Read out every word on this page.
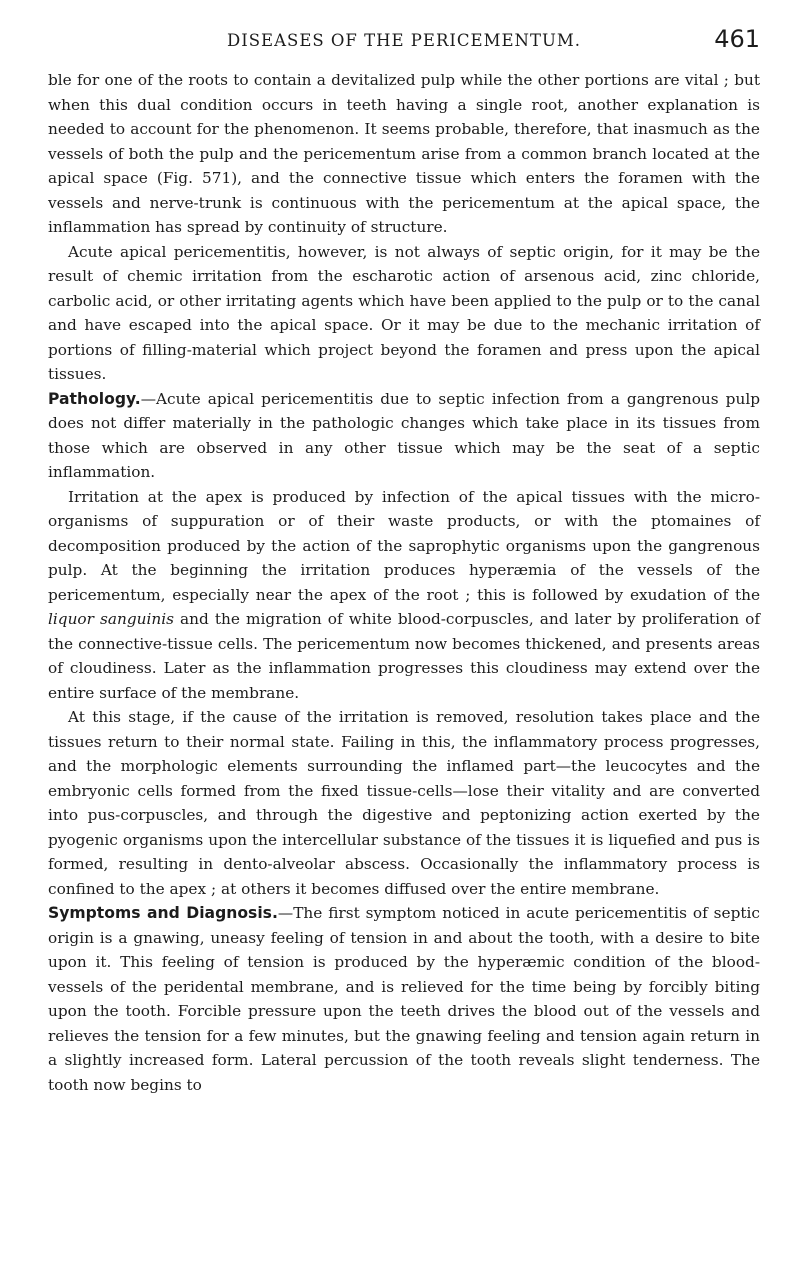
DISEASES OF THE PERICEMENTUM.	461

ble for one of the roots to contain a devitalized pulp while the other portions are vital ; but when this dual condition occurs in teeth having a single root, another explanation is needed to account for the phenomenon. It seems probable, therefore, that inasmuch as the vessels of both the pulp and the pericementum arise from a common branch located at the apical space (Fig. 571), and the connective tissue which enters the foramen with the vessels and nerve-trunk is continuous with the pericementum at the apical space, the inflammation has spread by continuity of structure.

Acute apical pericementitis, however, is not always of septic origin, for it may be the result of chemic irritation from the escharotic action of arsenous acid, zinc chloride, carbolic acid, or other irritating agents which have been applied to the pulp or to the canal and have escaped into the apical space. Or it may be due to the mechanic irritation of portions of filling-material which project beyond the foramen and press upon the apical tissues.

Pathology.—Acute apical pericementitis due to septic infection from a gangrenous pulp does not differ materially in the pathologic changes which take place in its tissues from those which are observed in any other tissue which may be the seat of a septic inflammation.

Irritation at the apex is produced by infection of the apical tissues with the micro-organisms of suppuration or of their waste products, or with the ptomaines of decomposition produced by the action of the saprophytic organisms upon the gangrenous pulp. At the beginning the irritation produces hyperæmia of the vessels of the pericementum, especially near the apex of the root ; this is followed by exudation of the liquor sanguinis and the migration of white blood-corpuscles, and later by proliferation of the connective-tissue cells. The pericementum now becomes thickened, and presents areas of cloudiness. Later as the inflammation progresses this cloudiness may extend over the entire surface of the membrane.

At this stage, if the cause of the irritation is removed, resolution takes place and the tissues return to their normal state. Failing in this, the inflammatory process progresses, and the morphologic elements surrounding the inflamed part—the leucocytes and the embryonic cells formed from the fixed tissue-cells—lose their vitality and are converted into pus-corpuscles, and through the digestive and peptonizing action exerted by the pyogenic organisms upon the intercellular substance of the tissues it is liquefied and pus is formed, resulting in dento-alveolar abscess. Occasionally the inflammatory process is confined to the apex ; at others it becomes diffused over the entire membrane.

Symptoms and Diagnosis.—The first symptom noticed in acute pericementitis of septic origin is a gnawing, uneasy feeling of tension in and about the tooth, with a desire to bite upon it. This feeling of tension is produced by the hyperæmic condition of the blood-vessels of the peridental membrane, and is relieved for the time being by forcibly biting upon the tooth. Forcible pressure upon the teeth drives the blood out of the vessels and relieves the tension for a few minutes, but the gnawing feeling and tension again return in a slightly increased form. Lateral percussion of the tooth reveals slight tenderness. The tooth now begins to
